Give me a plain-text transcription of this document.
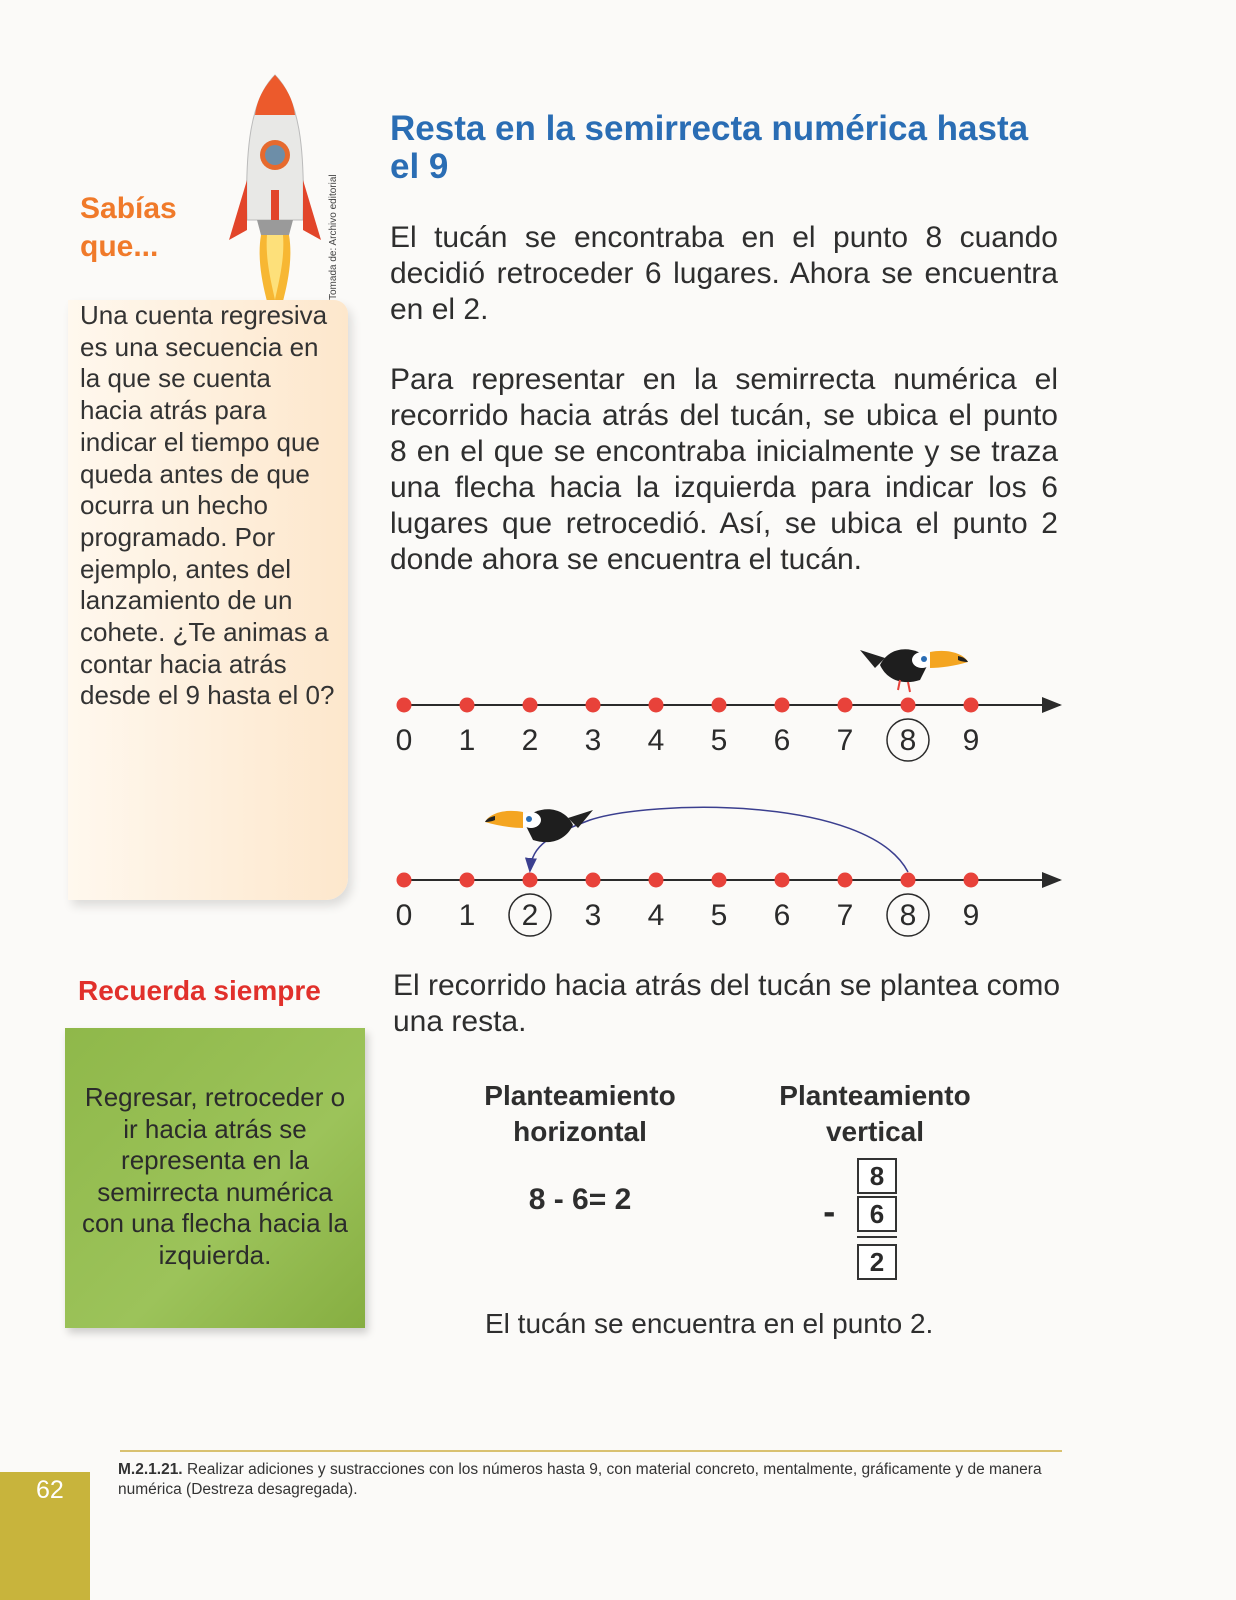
Sabías que...	Tomada de: Archivo editorial
Una cuenta regresiva es una secuencia en la que se cuenta hacia atrás para indicar el tiempo que queda antes de que ocurra un hecho programado. Por ejemplo, antes del lanzamiento de un cohete. ¿Te animas a contar hacia atrás desde el 9 hasta el 0?
Recuerda siempre
Regresar, retroceder o ir hacia atrás se representa en la semirrecta numérica con una flecha hacia la izquierda.
Resta en la semirrecta numérica hasta el 9
El tucán se encontraba en el punto 8 cuando decidió retroceder 6 lugares. Ahora se encuentra en el 2.
Para representar en la semirrecta numérica el recorrido hacia atrás del tucán, se ubica el punto 8 en el que se encontraba inicialmente y se traza una flecha hacia la izquierda para indicar los 6 lugares que retrocedió. Así, se ubica el punto 2 donde ahora se encuentra el tucán.
0 1 2 3 4 5 6 7 8 9
0 1 2 3 4 5 6 7 8 9
El recorrido hacia atrás del tucán se plantea como una resta.
Planteamiento horizontal
Planteamiento vertical
8 - 6= 2
8
-	6
2
El tucán se encuentra en el punto 2.
62
M.2.1.21. Realizar adiciones y sustracciones con los números hasta 9, con material concreto, mentalmente, gráficamente y de manera numérica (Destreza desagregada).
